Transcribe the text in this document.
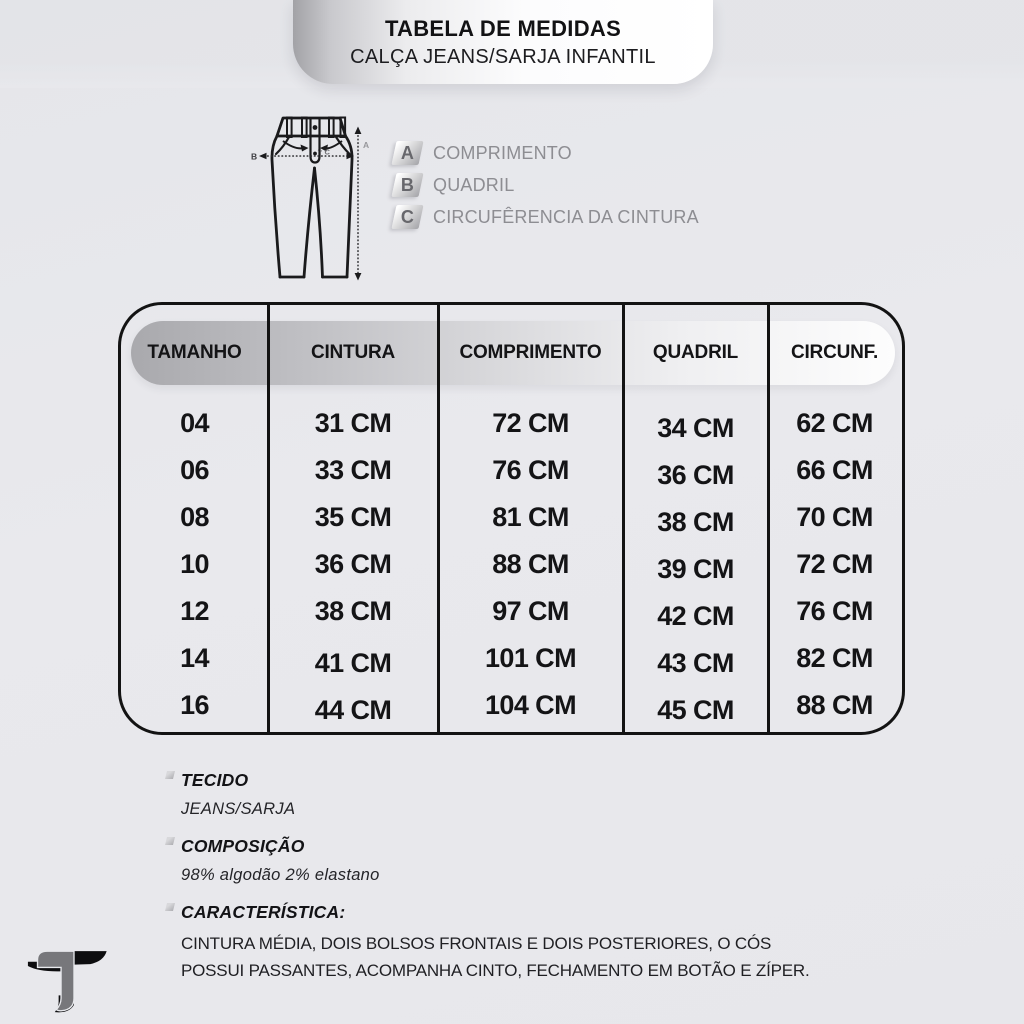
TABELA DE MEDIDAS
CALÇA JEANS/SARJA INFANTIL
A
B	C	A COMPRIMENTO
B QUADRIL
C CIRCUFÊRENCIA DA CINTURA
TAMANHO	CINTURA	COMPRIMENTO	QUADRIL	CIRCUNF.
04	31 CM	72 CM	34 CM	62 CM
06	33 CM	76 CM	36 CM	66 CM
08	35 CM	81 CM	38 CM	70 CM
10	36 CM	88 CM	39 CM	72 CM
12	38 CM	97 CM	42 CM	76 CM
14	41 CM	101 CM	43 CM	82 CM
16	44 CM	104 CM	45 CM	88 CM
TECIDO
JEANS/SARJA
COMPOSIÇÃO
98% algodão 2% elastano
CARACTERÍSTICA:
CINTURA MÉDIA, DOIS BOLSOS FRONTAIS E DOIS POSTERIORES, O CÓS POSSUI PASSANTES, ACOMPANHA CINTO, FECHAMENTO EM BOTÃO E ZÍPER.
